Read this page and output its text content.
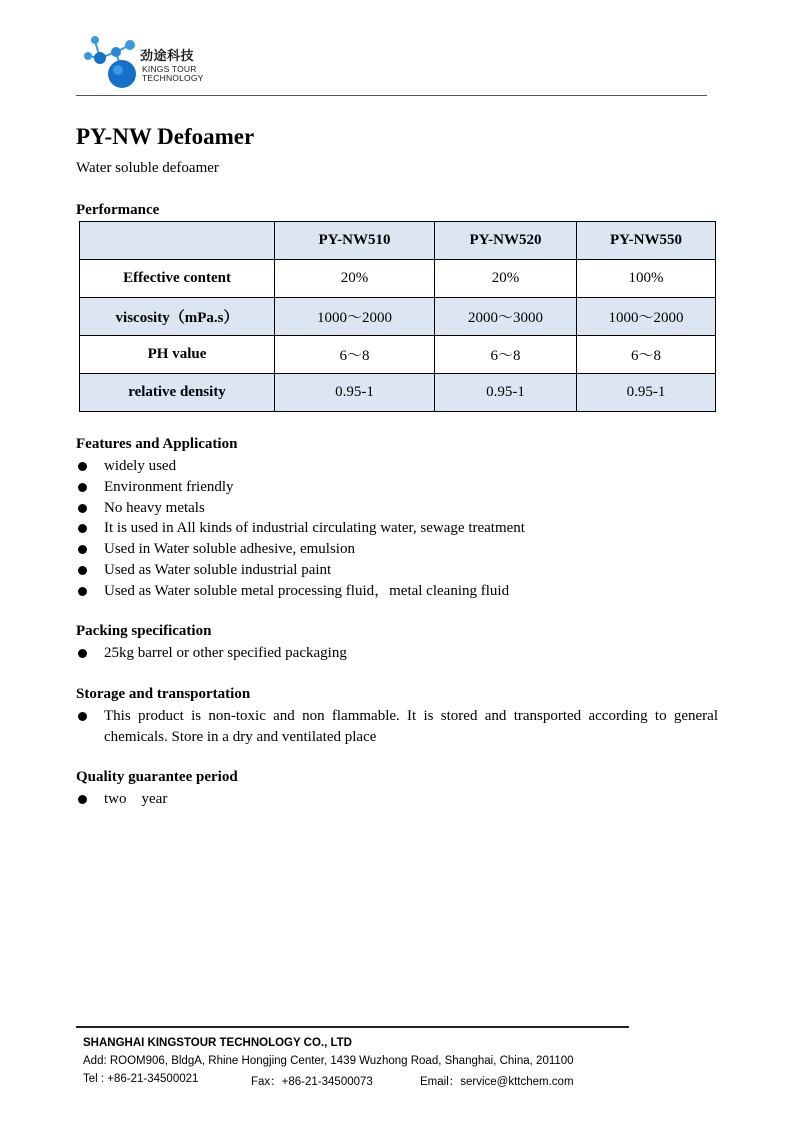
劲途科技
KINGS TOUR
TECHNOLOGY
PY-NW Defoamer
Water soluble defoamer
Performance
	PY-NW510	PY-NW520	PY-NW550
Effective content	20%	20%	100%
viscosity（mPa.s）	1000～2000	2000～3000	1000～2000
PH value	6～8	6～8	6～8
relative density	0.95-1	0.95-1	0.95-1
Features and Application
widely used
Environment friendly
No heavy metals
It is used in All kinds of industrial circulating water, sewage treatment
Used in Water soluble adhesive, emulsion
Used as Water soluble industrial paint
Used as Water soluble metal processing fluid，metal cleaning fluid
Packing specification
25kg barrel or other specified packaging
Storage and transportation
This product is non-toxic and non flammable. It is stored and transported according to general chemicals. Store in a dry and ventilated place
Quality guarantee period
two　year
SHANGHAI KINGSTOUR TECHNOLOGY CO., LTD
Add: ROOM906, BldgA, Rhine Hongjing Center, 1439 Wuzhong Road, Shanghai, China, 201100
Tel : +86-21-34500021	Fax：+86-21-34500073	Email：service@kttchem.com
